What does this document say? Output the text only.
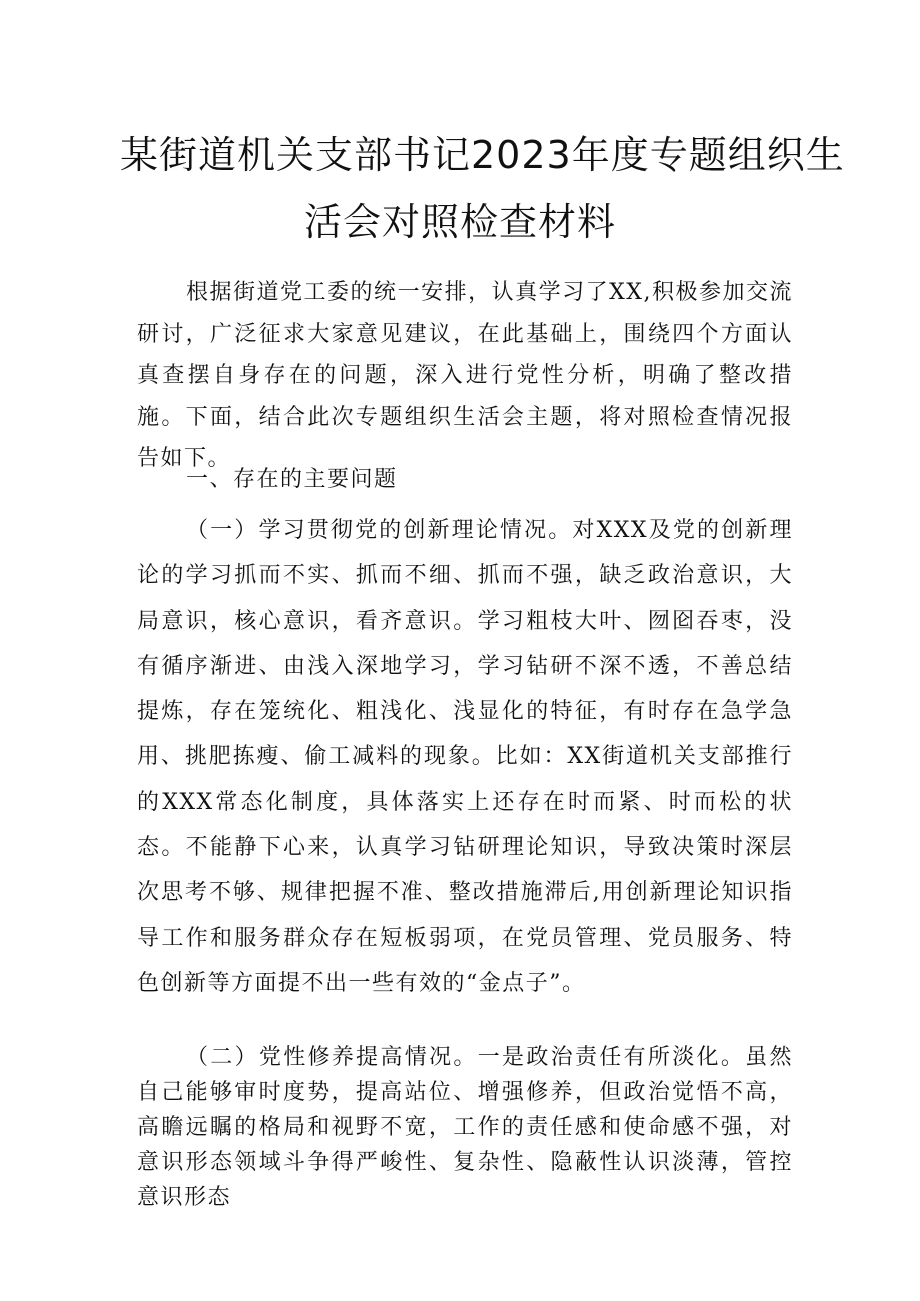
某街道机关支部书记2023年度专题组织生
活会对照检查材料

根据街道党工委的统一安排，认真学习了XX,积极参加交流研讨，广泛征求大家意见建议，在此基础上，围绕四个方面认真查摆自身存在的问题，深入进行党性分析，明确了整改措施。下面，结合此次专题组织生活会主题，将对照检查情况报告如下。

一、存在的主要问题

（一）学习贯彻党的创新理论情况。对XXX及党的创新理论的学习抓而不实、抓而不细、抓而不强，缺乏政治意识，大局意识，核心意识，看齐意识。学习粗枝大叶、囫囵吞枣，没有循序渐进、由浅入深地学习，学习钻研不深不透，不善总结提炼，存在笼统化、粗浅化、浅显化的特征，有时存在急学急用、挑肥拣瘦、偷工减料的现象。比如：XX街道机关支部推行的XXX常态化制度，具体落实上还存在时而紧、时而松的状态。不能静下心来，认真学习钻研理论知识，导致决策时深层次思考不够、规律把握不准、整改措施滞后,用创新理论知识指导工作和服务群众存在短板弱项，在党员管理、党员服务、特色创新等方面提不出一些有效的“金点子”。

（二）党性修养提高情况。一是政治责任有所淡化。虽然自己能够审时度势，提高站位、增强修养，但政治觉悟不高，高瞻远瞩的格局和视野不宽，工作的责任感和使命感不强，对意识形态领域斗争得严峻性、复杂性、隐蔽性认识淡薄，管控意识形态
